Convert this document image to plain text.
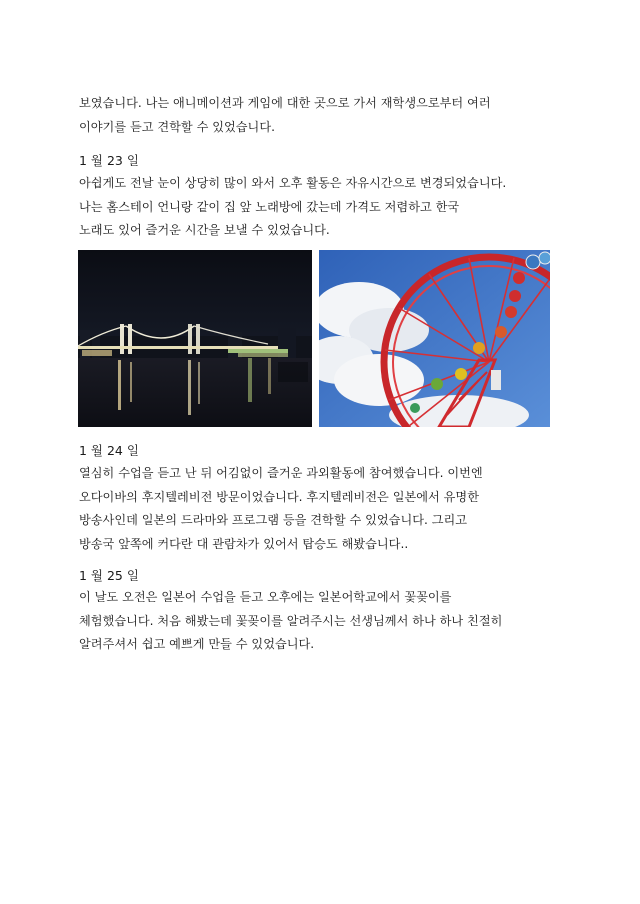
보였습니다. 나는 애니메이션과 게임에 대한 곳으로 가서 재학생으로부터 여러
이야기를 듣고 견학할 수 있었습니다.
1 월 23 일
아쉽게도 전날 눈이 상당히 많이 와서 오후 활동은 자유시간으로 변경되었습니다.
나는 홈스테이 언니랑 같이 집 앞 노래방에 갔는데 가격도 저렴하고 한국
노래도 있어 즐거운 시간을 보낼 수 있었습니다.
1 월 24 일
열심히 수업을 듣고 난 뒤 어김없이 즐거운 과외활동에 참여했습니다. 이번엔
오다이바의 후지텔레비전 방문이었습니다. 후지텔레비전은 일본에서 유명한
방송사인데 일본의 드라마와 프로그램 등을 견학할 수 있었습니다. 그리고
방송국 앞쪽에 커다란 대 관람차가 있어서 탑승도 해봤습니다..
1 월 25 일
이 날도 오전은 일본어 수업을 듣고 오후에는 일본어학교에서 꽃꽂이를
체험했습니다. 처음 해봤는데 꽃꽂이를 알려주시는 선생님께서 하나 하나 친절히
알려주셔서 쉽고 예쁘게 만들 수 있었습니다.
